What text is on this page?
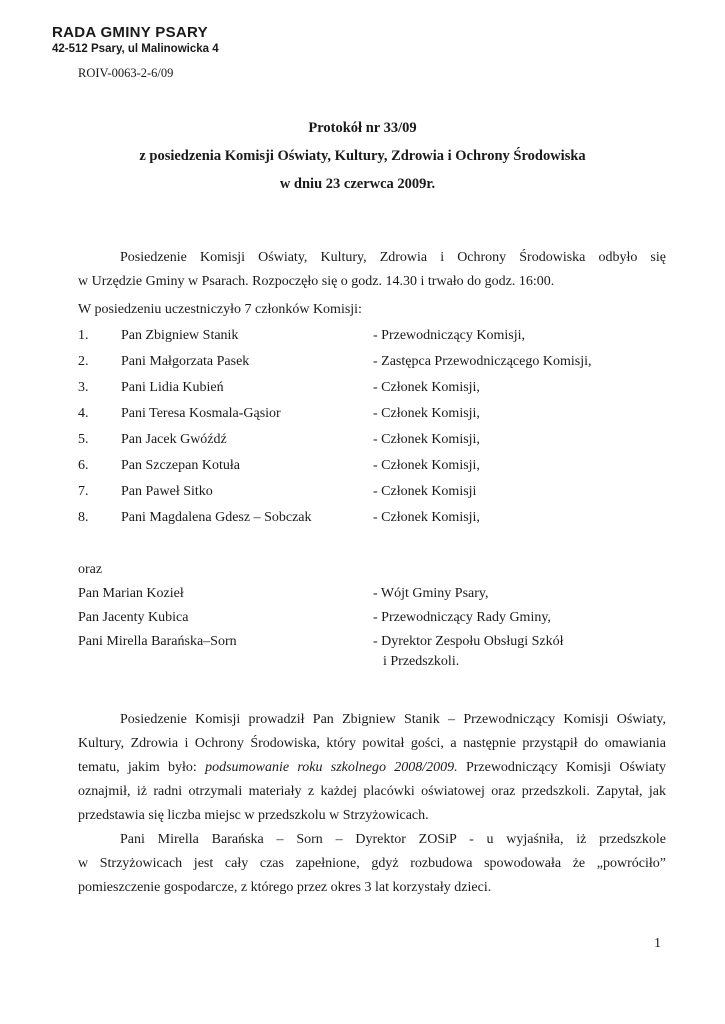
RADA GMINY PSARY
42-512 Psary, ul Malinowicka 4
ROIV-0063-2-6/09
Protokół nr 33/09
z posiedzenia Komisji Oświaty, Kultury, Zdrowia i Ochrony Środowiska
w dniu 23 czerwca 2009r.
Posiedzenie Komisji Oświaty, Kultury, Zdrowia i Ochrony Środowiska odbyło się
w Urzędzie Gminy w Psarach. Rozpoczęło się o godz. 14.30 i trwało do godz. 16:00.
W posiedzeniu uczestniczyło 7 członków Komisji:
1. Pan Zbigniew Stanik	- Przewodniczący Komisji,
2. Pani Małgorzata Pasek	- Zastępca Przewodniczącego Komisji,
3. Pani Lidia Kubień	- Członek Komisji,
4. Pani Teresa Kosmala-Gąsior	- Członek Komisji,
5. Pan Jacek Gwóźdź	- Członek Komisji,
6. Pan Szczepan Kotuła	- Członek Komisji,
7. Pan Paweł Sitko	- Członek Komisji
8. Pani Magdalena Gdesz – Sobczak	- Członek Komisji,
oraz
Pan Marian Kozieł	- Wójt Gminy Psary,
Pan Jacenty Kubica	- Przewodniczący Rady Gminy,
Pani Mirella Barańska–Sorn	- Dyrektor Zespołu Obsługi Szkół
i Przedszkoli.
Posiedzenie Komisji prowadził Pan Zbigniew Stanik – Przewodniczący Komisji Oświaty,
Kultury, Zdrowia i Ochrony Środowiska, który powitał gości, a następnie przystąpił do omawiania
tematu, jakim było: podsumowanie roku szkolnego 2008/2009. Przewodniczący Komisji Oświaty
oznajmił, iż radni otrzymali materiały z każdej placówki oświatowej oraz przedszkoli. Zapytał, jak
przedstawia się liczba miejsc w przedszkolu w Strzyżowicach.
Pani Mirella Barańska – Sorn – Dyrektor ZOSiP - u wyjaśniła, iż przedszkole
w Strzyżowicach jest cały czas zapełnione, gdyż rozbudowa spowodowała że „powróciło”
pomieszczenie gospodarcze, z którego przez okres 3 lat korzystały dzieci.
1
